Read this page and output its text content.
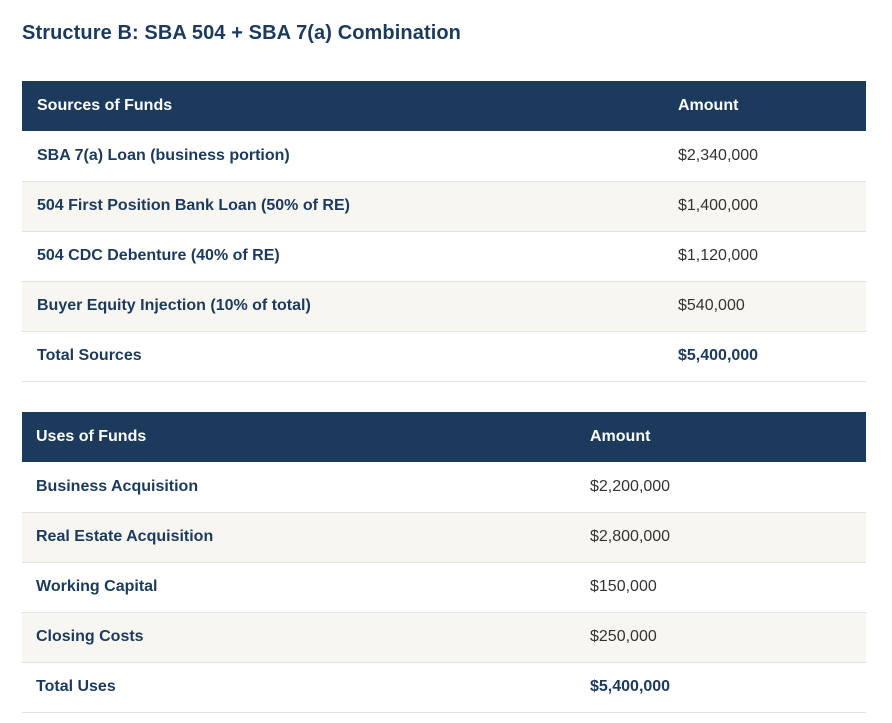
Structure B: SBA 504 + SBA 7(a) Combination
Sources of Funds	Amount
SBA 7(a) Loan (business portion)	$2,340,000
504 First Position Bank Loan (50% of RE)	$1,400,000
504 CDC Debenture (40% of RE)	$1,120,000
Buyer Equity Injection (10% of total)	$540,000
Total Sources	$5,400,000
Uses of Funds	Amount
Business Acquisition	$2,200,000
Real Estate Acquisition	$2,800,000
Working Capital	$150,000
Closing Costs	$250,000
Total Uses	$5,400,000
